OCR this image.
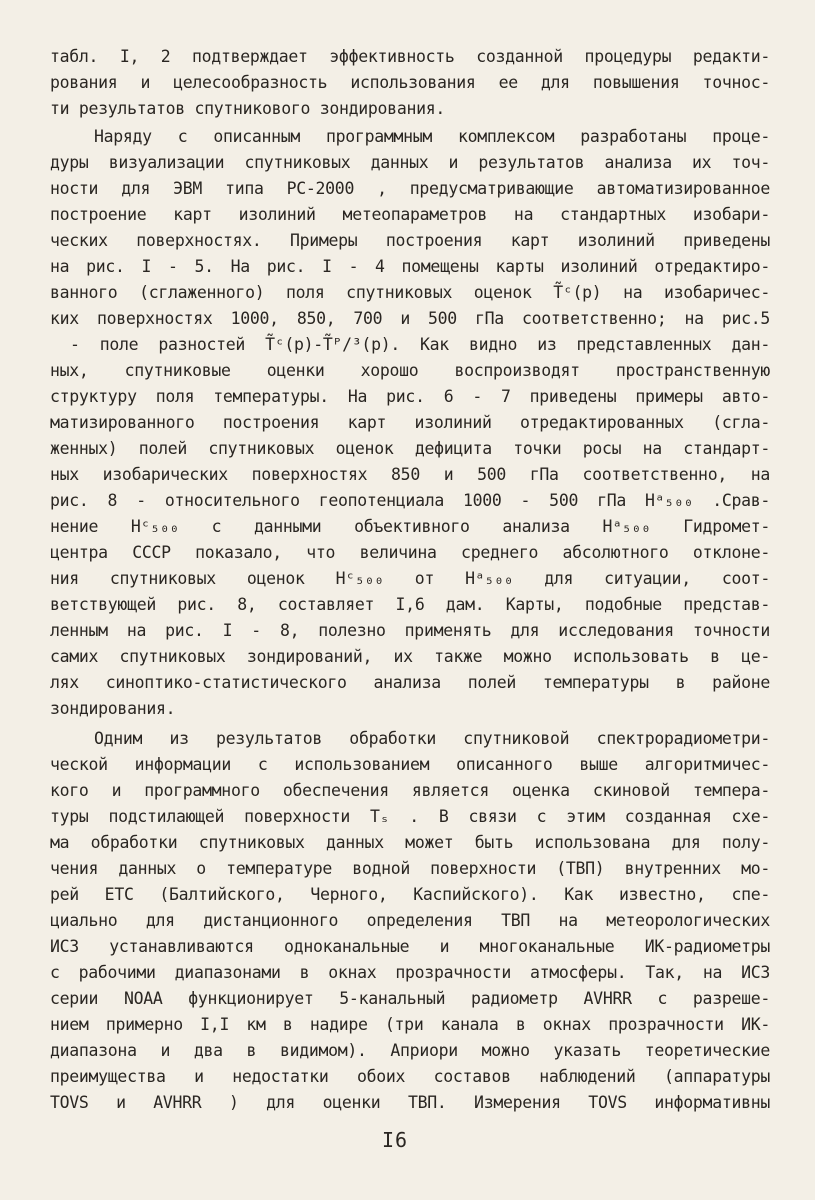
табл. I, 2 подтверждает эффективность созданной процедуры редакти-
рования и целесообразность использования ее для повышения точнос-
ти результатов спутникового зондирования.
Наряду с описанным программным комплексом разработаны проце-
дуры визуализации спутниковых данных и результатов анализа их точ-
ности для ЭВМ типа PC-2000 , предусматривающие автоматизированное
построение карт изолиний метеопараметров на стандартных изобари-
ческих поверхностях. Примеры построения карт изолиний приведены
на рис. I - 5. На рис. I - 4 помещены карты изолиний отредактиро-
ванного (сглаженного) поля спутниковых оценок T̃ᶜ(p) на изобаричес-
ких поверхностях 1000, 850, 700 и 500 гПа соответственно; на рис.5
- поле разностей T̃ᶜ(p)-T̃ᴾ/³(p). Как видно из представленных дан-
ных, спутниковые оценки хорошо воспроизводят пространственную
структуру поля температуры. На рис. 6 - 7 приведены примеры авто-
матизированного построения карт изолиний отредактированных (сгла-
женных) полей спутниковых оценок дефицита точки росы на стандарт-
ных изобарических поверхностях 850 и 500 гПа соответственно, на
рис. 8 - относительного геопотенциала 1000 - 500 гПа Hᵃ₅₀₀ .Срав-
нение Hᶜ₅₀₀ с данными объективного анализа Hᵃ₅₀₀ Гидромет-
центра СССР показало, что величина среднего абсолютного отклоне-
ния спутниковых оценок Hᶜ₅₀₀ от Hᵃ₅₀₀ для ситуации, соот-
ветствующей рис. 8, составляет I,6 дам. Карты, подобные представ-
ленным на рис. I - 8, полезно применять для исследования точности
самих спутниковых зондирований, их также можно использовать в це-
лях синоптико-статистического анализа полей температуры в районе
зондирования.
Одним из результатов обработки спутниковой спектрорадиометри-
ческой информации с использованием описанного выше алгоритмичес-
кого и программного обеспечения является оценка скиновой темпера-
туры подстилающей поверхности Tₛ . В связи с этим созданная схе-
ма обработки спутниковых данных может быть использована для полу-
чения данных о температуре водной поверхности (ТВП) внутренних мо-
рей ЕТС (Балтийского, Черного, Каспийского). Как известно, спе-
циально для дистанционного определения ТВП на метеорологических
ИСЗ устанавливаются одноканальные и многоканальные ИК-радиометры
с рабочими диапазонами в окнах прозрачности атмосферы. Так, на ИСЗ
серии NOAA функционирует 5-канальный радиометр AVHRR с разреше-
нием примерно I,I км в надире (три канала в окнах прозрачности ИК-
диапазона и два в видимом). Априори можно указать теоретические
преимущества и недостатки обоих составов наблюдений (аппаратуры
TOVS и AVHRR ) для оценки ТВП. Измерения TOVS информативны
I6
